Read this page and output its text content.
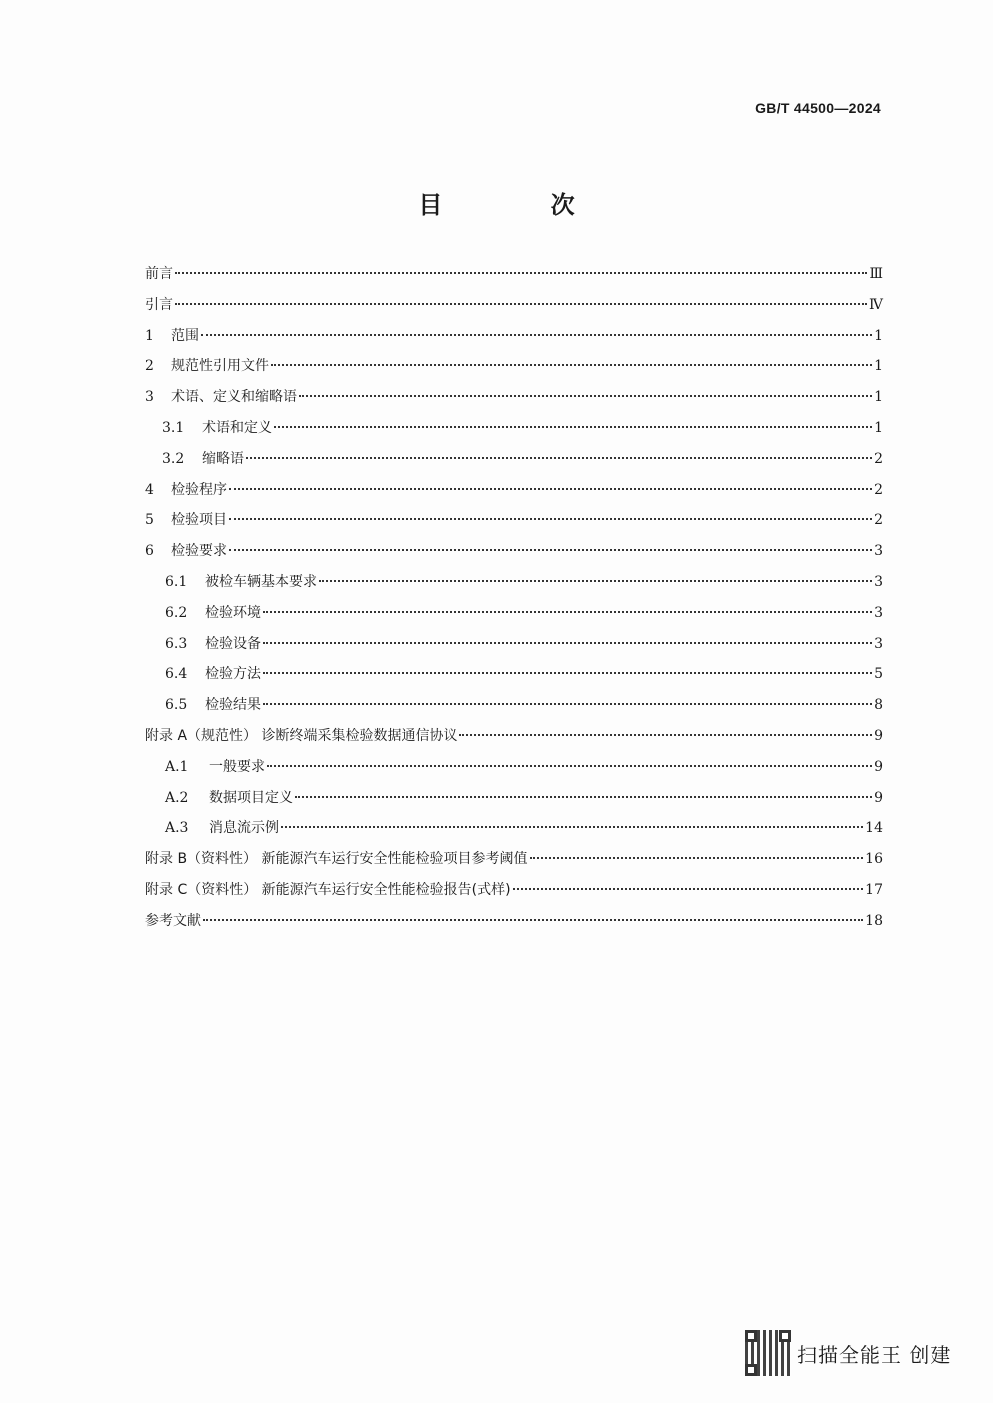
GB/T 44500—2024
目 次
前言	Ⅲ
引言	Ⅳ
1	范围	1
2	规范性引用文件	1
3	术语、定义和缩略语	1
3.1	术语和定义	1
3.2	缩略语	2
4	检验程序	2
5	检验项目	2
6	检验要求	3
6.1	被检车辆基本要求	3
6.2	检验环境	3
6.3	检验设备	3
6.4	检验方法	5
6.5	检验结果	8
附录 A（规范性） 诊断终端采集检验数据通信协议	9
A.1	一般要求	9
A.2	数据项目定义	9
A.3	消息流示例	14
附录 B（资料性） 新能源汽车运行安全性能检验项目参考阈值	16
附录 C（资料性） 新能源汽车运行安全性能检验报告(式样)	17
参考文献	18
扫描全能王 创建
